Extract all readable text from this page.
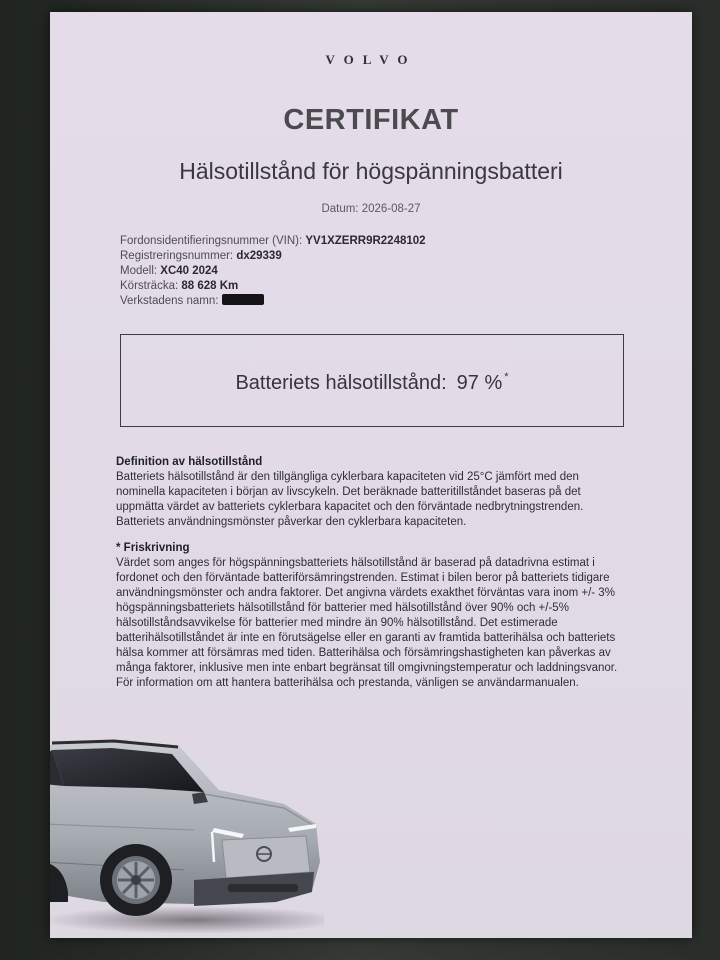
VOLVO
CERTIFIKAT
Hälsotillstånd för högspänningsbatteri
Datum: 2026-08-27
Fordonsidentifieringsnummer (VIN): YV1XZERR9R2248102
Registreringsnummer: dx29339
Modell: XC40 2024
Körsträcka: 88 628 Km
Verkstadens namn:
Batteriets hälsotillstånd: 97 % *
Definition av hälsotillstånd
Batteriets hälsotillstånd är den tillgängliga cyklerbara kapaciteten vid 25°C jämfört med den
nominella kapaciteten i början av livscykeln. Det beräknade batteritillståndet baseras på det
uppmätta värdet av batteriets cyklerbara kapacitet och den förväntade nedbrytningstrenden.
Batteriets användningsmönster påverkar den cyklerbara kapaciteten.
* Friskrivning
Värdet som anges för högspänningsbatteriets hälsotillstånd är baserad på datadrivna estimat i
fordonet och den förväntade batteriförsämringstrenden. Estimat i bilen beror på batteriets tidigare
användningsmönster och andra faktorer. Det angivna värdets exakthet förväntas vara inom +/- 3%
högspänningsbatteriets hälsotillstånd för batterier med hälsotillstånd över 90% och +/-5%
hälsotillståndsavvikelse för batterier med mindre än 90% hälsotillstånd. Det estimerade
batterihälsotillståndet är inte en förutsägelse eller en garanti av framtida batterihälsa och batteriets
hälsa kommer att försämras med tiden. Batterihälsa och försämringshastigheten kan påverkas av
många faktorer, inklusive men inte enbart begränsat till omgivningstemperatur och laddningsvanor.
För information om att hantera batterihälsa och prestanda, vänligen se användarmanualen.
